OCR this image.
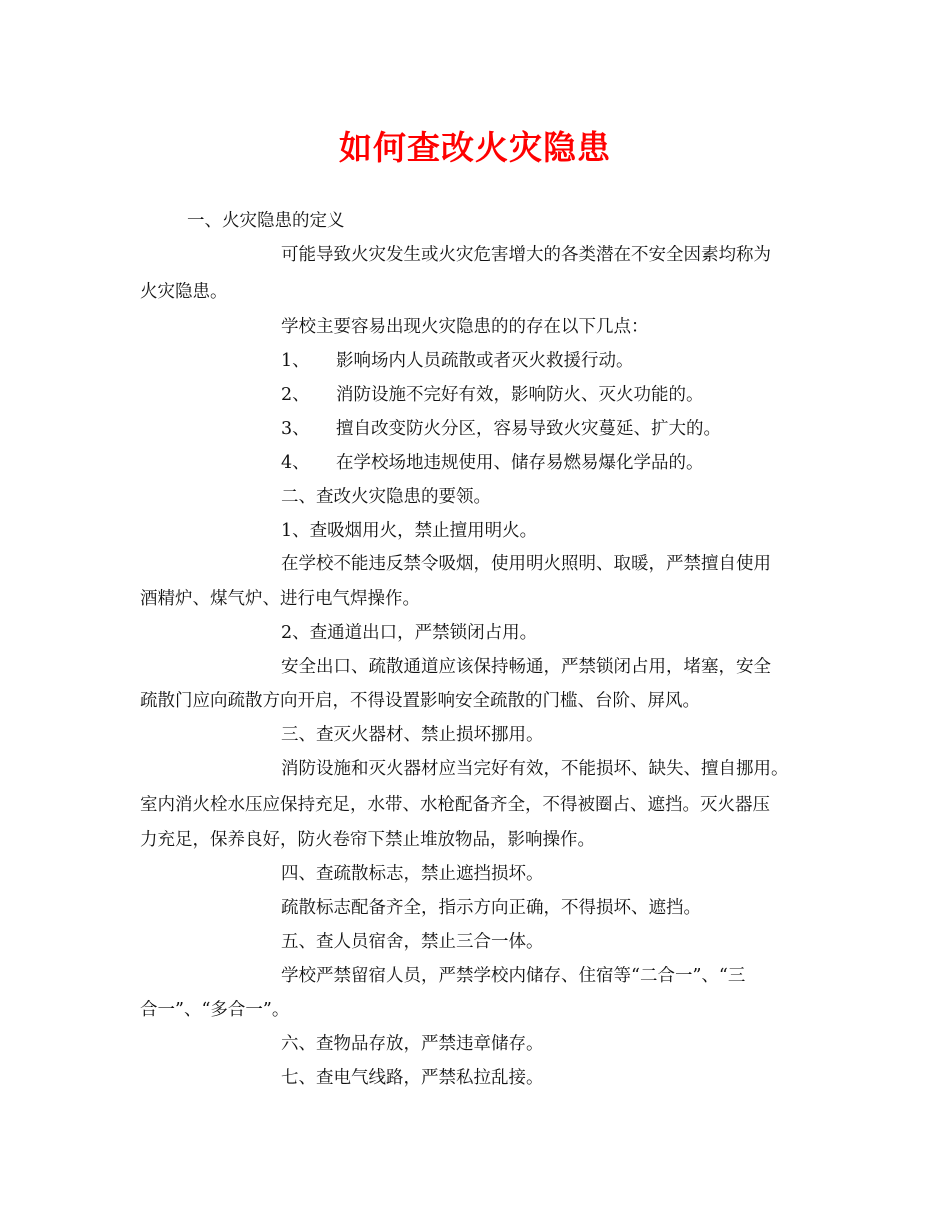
如何查改火灾隐患
一、火灾隐患的定义
可能导致火灾发生或火灾危害增大的各类潜在不安全因素均称为
火灾隐患。
学校主要容易出现火灾隐患的的存在以下几点：
1、 影响场内人员疏散或者灭火救援行动。
2、 消防设施不完好有效，影响防火、灭火功能的。
3、 擅自改变防火分区，容易导致火灾蔓延、扩大的。
4、 在学校场地违规使用、储存易燃易爆化学品的。
二、查改火灾隐患的要领。
1、查吸烟用火，禁止擅用明火。
在学校不能违反禁令吸烟，使用明火照明、取暖，严禁擅自使用
酒精炉、煤气炉、进行电气焊操作。
2、查通道出口，严禁锁闭占用。
安全出口、疏散通道应该保持畅通，严禁锁闭占用，堵塞，安全
疏散门应向疏散方向开启，不得设置影响安全疏散的门槛、台阶、屏风。
三、查灭火器材、禁止损坏挪用。
消防设施和灭火器材应当完好有效，不能损坏、缺失、擅自挪用。
室内消火栓水压应保持充足，水带、水枪配备齐全，不得被圈占、遮挡。灭火器压
力充足，保养良好，防火卷帘下禁止堆放物品，影响操作。
四、查疏散标志，禁止遮挡损坏。
疏散标志配备齐全，指示方向正确，不得损坏、遮挡。
五、查人员宿舍，禁止三合一体。
学校严禁留宿人员，严禁学校内储存、住宿等“二合一”、“三
合一”、“多合一”。
六、查物品存放，严禁违章储存。
七、查电气线路，严禁私拉乱接。
